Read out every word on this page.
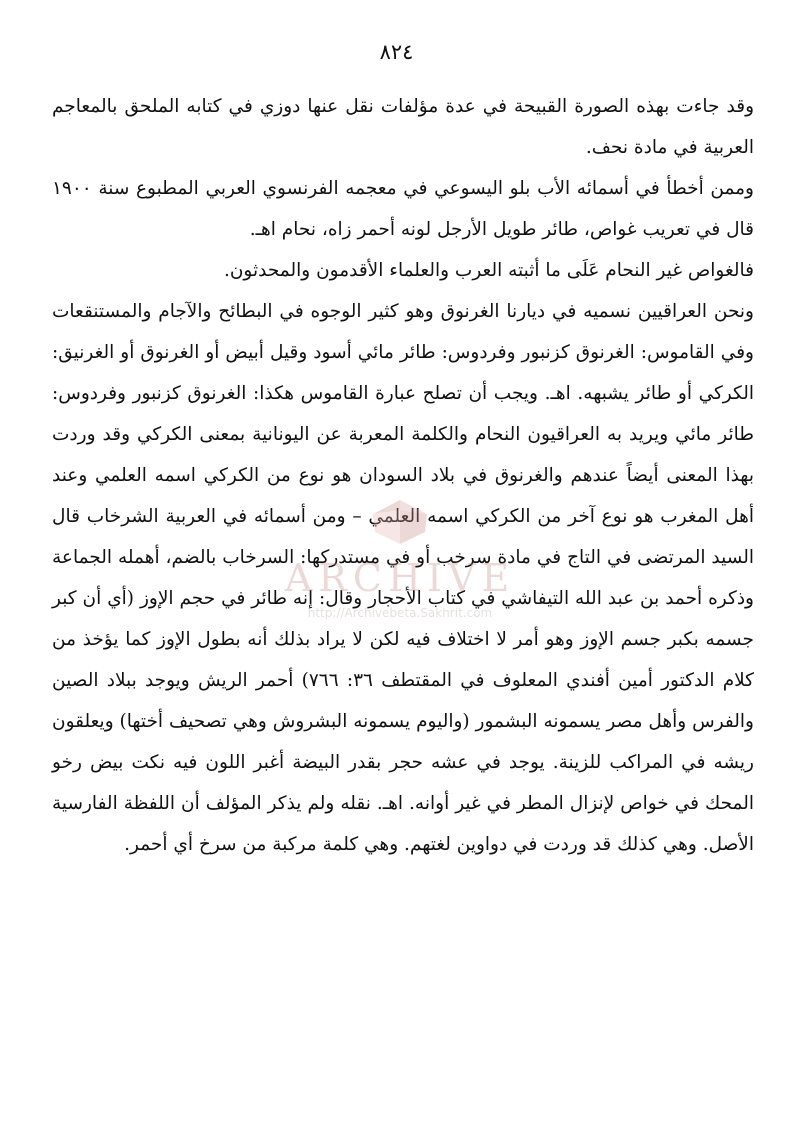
٨٢٤

وقد جاءت بهذه الصورة القبيحة في عدة مؤلفات نقل عنها دوزي في كتابه الملحق بالمعاجم العربية في مادة نحف.

وممن أخطأ في أسمائه الأب بلو اليسوعي في معجمه الفرنسوي العربي المطبوع سنة ١٩٠٠ قال في تعريب غواص، طائر طويل الأرجل لونه أحمر زاه، نحام اهـ.

فالغواص غير النحام عَلَى ما أثبته العرب والعلماء الأقدمون والمحدثون.

ونحن العراقيين نسميه في ديارنا الغرنوق وهو كثير الوجوه في البطائح والآجام والمستنقعات وفي القاموس: الغرنوق كزنبور وفردوس: طائر مائي أسود وقيل أبيض أو الغرنوق أو الغرنيق: الكركي أو طائر يشبهه. اهـ. ويجب أن تصلح عبارة القاموس هكذا: الغرنوق كزنبور وفردوس: طائر مائي ويريد به العراقيون النحام والكلمة المعربة عن اليونانية بمعنى الكركي وقد وردت بهذا المعنى أيضاً عندهم والغرنوق في بلاد السودان هو نوع من الكركي اسمه العلمي وعند أهل المغرب هو نوع آخر من الكركي اسمه العلمي – ومن أسمائه في العربية الشرخاب قال السيد المرتضى في التاج في مادة سرخب أو في مستدركها: السرخاب بالضم، أهمله الجماعة وذكره أحمد بن عبد الله التيفاشي في كتاب الأحجار وقال: إنه طائر في حجم الإوز (أي أن كبر جسمه بكبر جسم الإوز وهو أمر لا اختلاف فيه لكن لا يراد بذلك أنه بطول الإوز كما يؤخذ من كلام الدكتور أمين أفندي المعلوف في المقتطف ٣٦: ٧٦٦) أحمر الريش ويوجد ببلاد الصين والفرس وأهل مصر يسمونه البشمور (واليوم يسمونه البشروش وهي تصحيف أختها) ويعلقون ريشه في المراكب للزينة. يوجد في عشه حجر بقدر البيضة أغبر اللون فيه نكت بيض رخو المحك في خواص لإنزال المطر في غير أوانه. اهـ. نقله ولم يذكر المؤلف أن اللفظة الفارسية الأصل. وهي كذلك قد وردت في دواوين لغتهم. وهي كلمة مركبة من سرخ أي أحمر.

ARCHIVE
http://Archivebeta.Sakhrit.com
